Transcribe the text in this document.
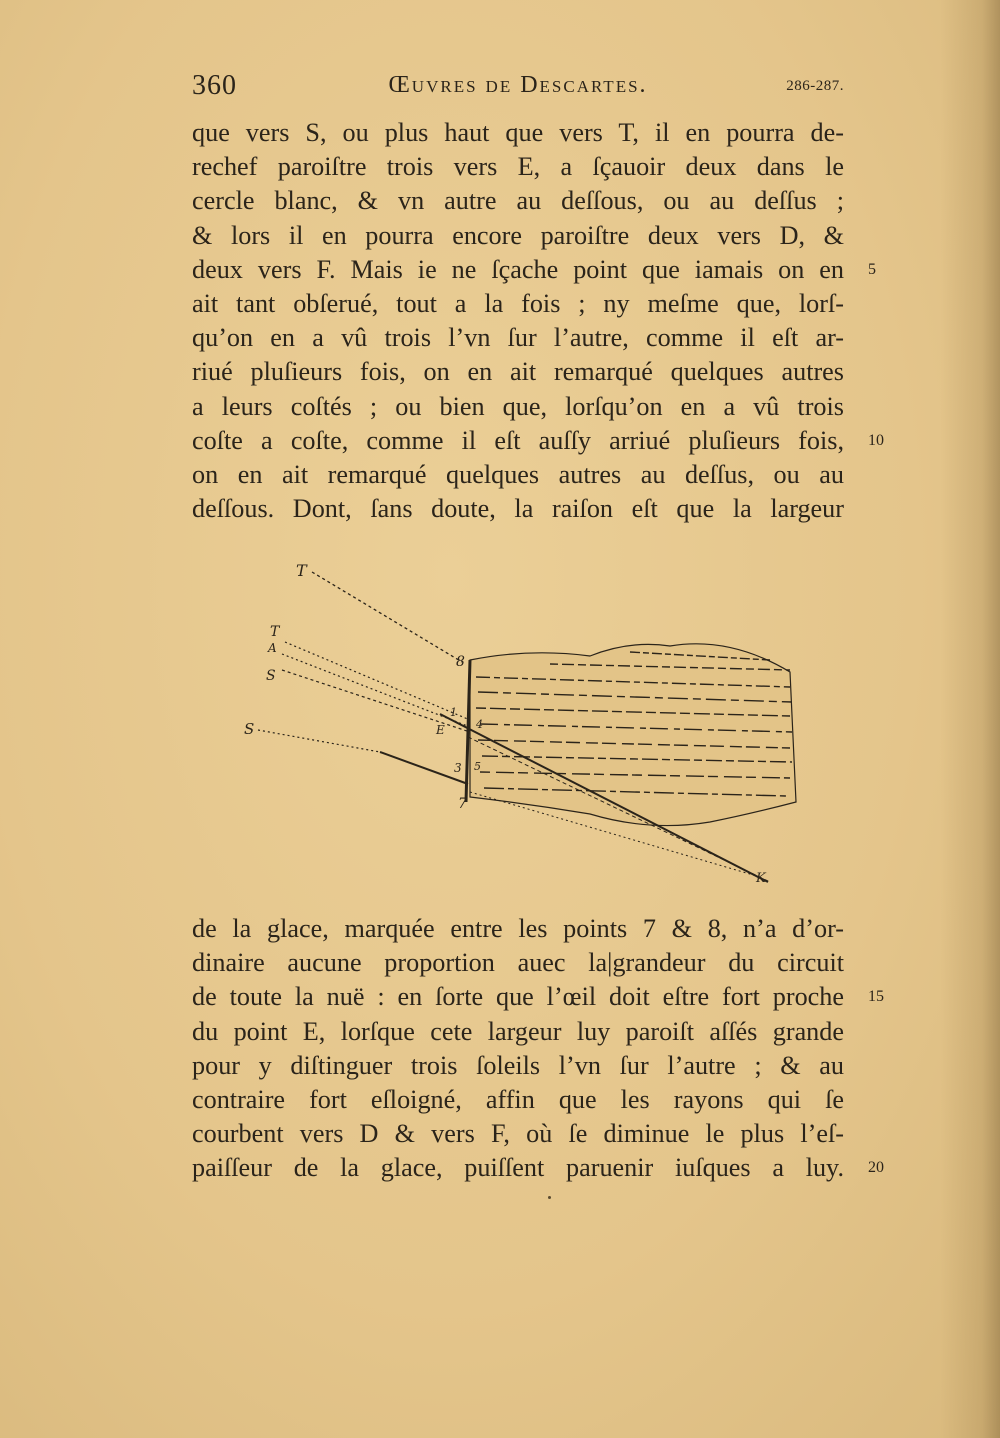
360	Œuvres de Descartes.	286-287.
que vers S, ou plus haut que vers T, il en pourra de-
rechef paroiſtre trois vers E, a ſçauoir deux dans le
cercle blanc, & vn autre au deſſous, ou au deſſus ;
& lors il en pourra encore paroiſtre deux vers D, &
deux vers F. Mais ie ne ſçache point que iamais on en 5
ait tant obſerué, tout a la fois ; ny meſme que, lorſ-
qu’on en a vû trois l’vn ſur l’autre, comme il eſt ar-
riué pluſieurs fois, on en ait remarqué quelques autres
a leurs coſtés ; ou bien que, lorſqu’on en a vû trois
coſte a coſte, comme il eſt auſſy arriué pluſieurs fois, 10
on en ait remarqué quelques autres au deſſus, ou au
deſſous. Dont, ſans doute, la raiſon eſt que la largeur
T
T
A
S
S
8
1
E	4
3 5
7
K
de la glace, marquée entre les points 7 & 8, n’a d’or-
dinaire aucune proportion auec la|grandeur du circuit
de toute la nuë : en ſorte que l’œil doit eſtre fort proche 15
du point E, lorſque cete largeur luy paroiſt aſſés grande
pour y diſtinguer trois ſoleils l’vn ſur l’autre ; & au
contraire fort eſloigné, affin que les rayons qui ſe
courbent vers D & vers F, où ſe diminue le plus l’eſ-
paiſſeur de la glace, puiſſent paruenir iuſques a luy. 20
